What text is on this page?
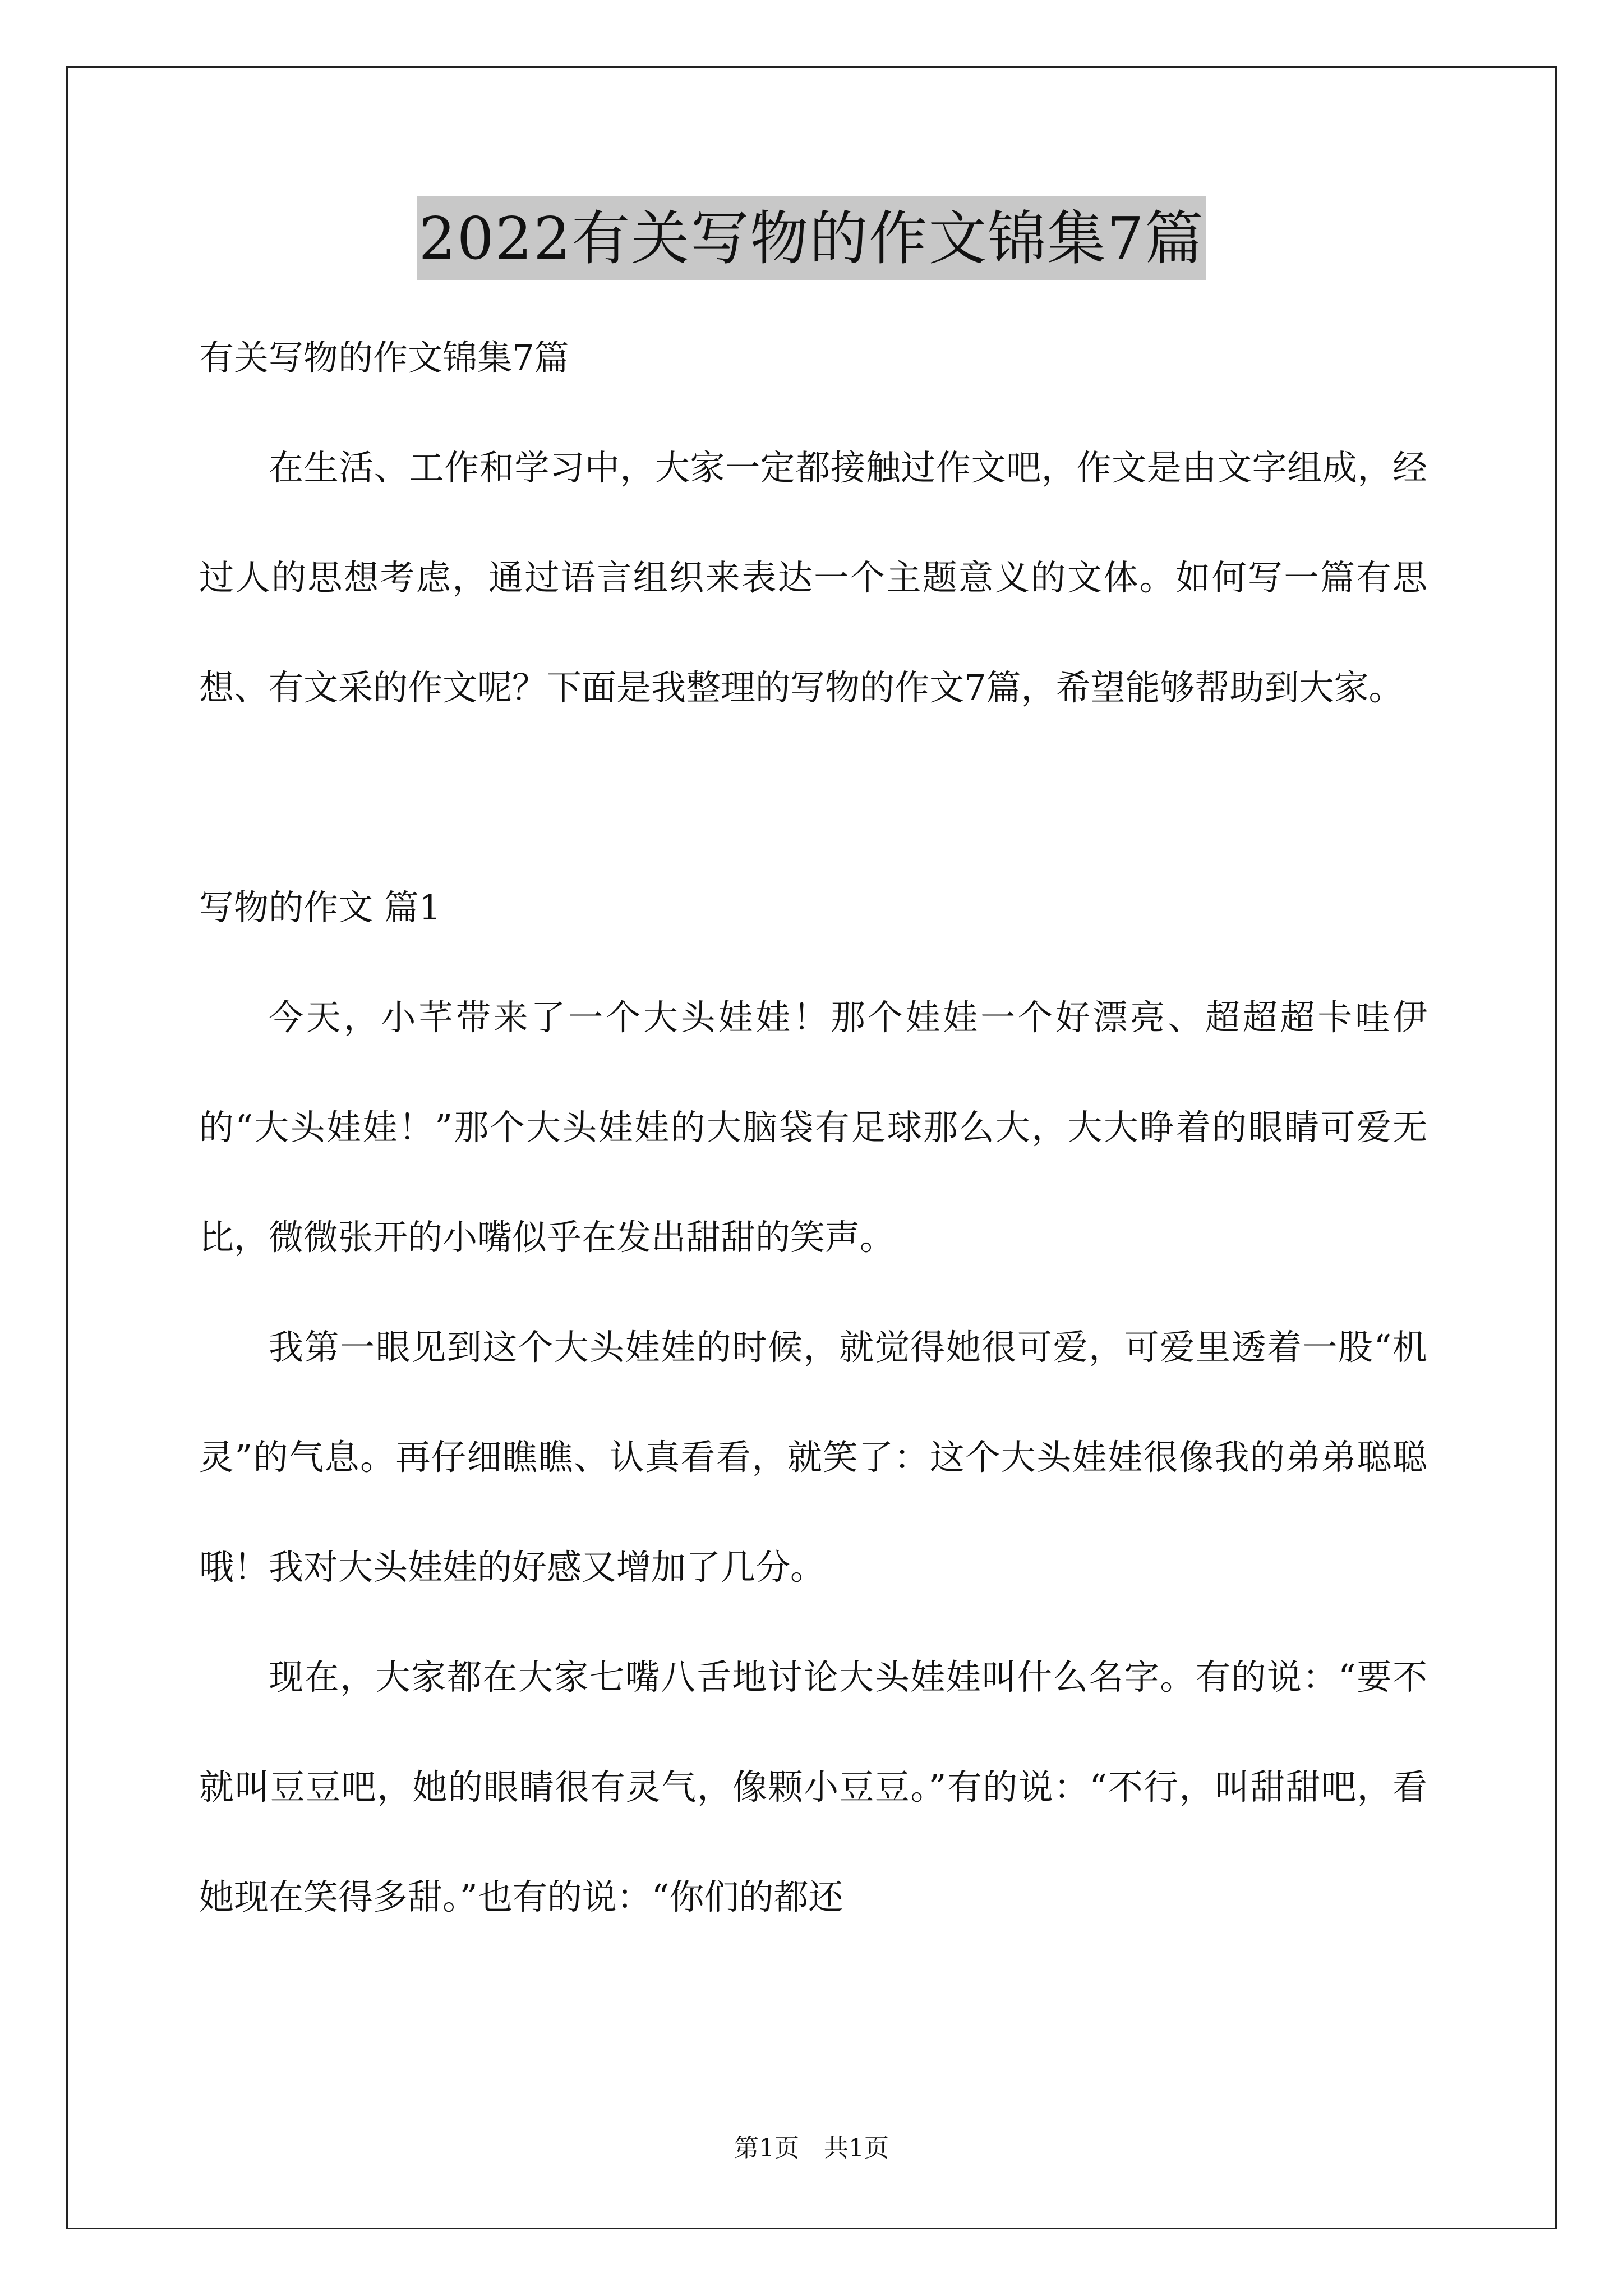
2022有关写物的作文锦集7篇

有关写物的作文锦集7篇

在生活、工作和学习中，大家一定都接触过作文吧，作文是由文字组成，经过人的思想考虑，通过语言组织来表达一个主题意义的文体。如何写一篇有思想、有文采的作文呢？下面是我整理的写物的作文7篇，希望能够帮助到大家。

写物的作文 篇1

今天，小芊带来了一个大头娃娃！那个娃娃一个好漂亮、超超超卡哇伊的“大头娃娃！”那个大头娃娃的大脑袋有足球那么大，大大睁着的眼睛可爱无比，微微张开的小嘴似乎在发出甜甜的笑声。

我第一眼见到这个大头娃娃的时候，就觉得她很可爱，可爱里透着一股“机灵”的气息。再仔细瞧瞧、认真看看，就笑了：这个大头娃娃很像我的弟弟聪聪哦！我对大头娃娃的好感又增加了几分。

现在，大家都在大家七嘴八舌地讨论大头娃娃叫什么名字。有的说：“要不就叫豆豆吧，她的眼睛很有灵气，像颗小豆豆。”有的说：“不行，叫甜甜吧，看她现在笑得多甜。”也有的说：“你们的都还

第1页　共1页
